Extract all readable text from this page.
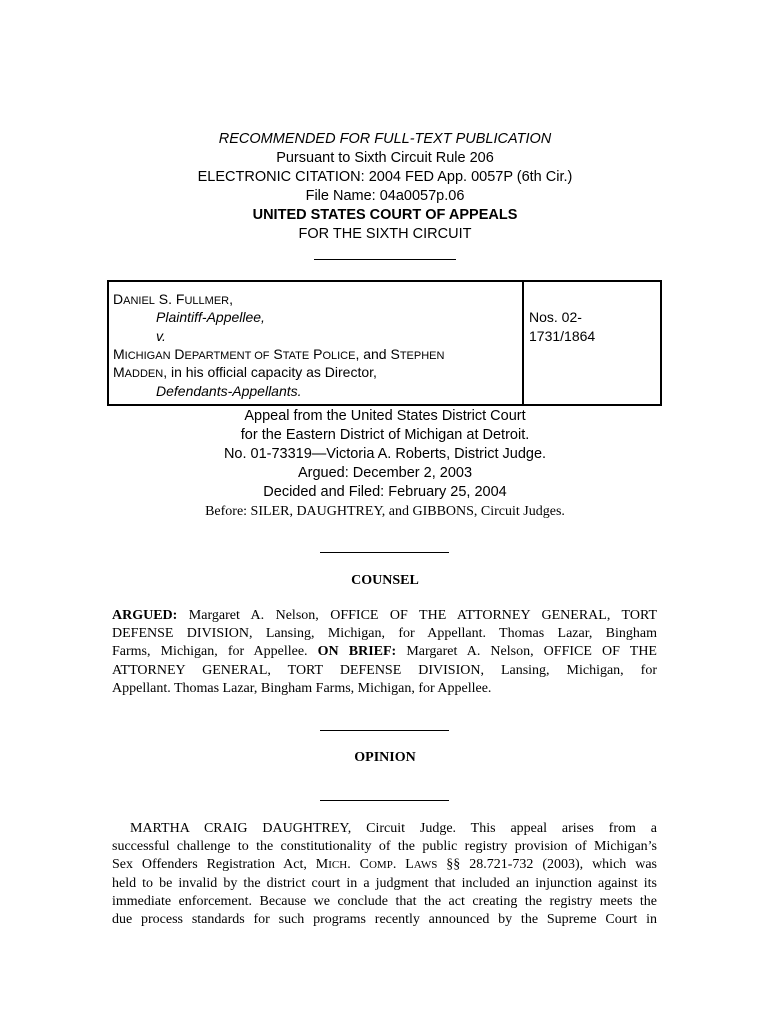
RECOMMENDED FOR FULL-TEXT PUBLICATION
Pursuant to Sixth Circuit Rule 206
ELECTRONIC CITATION: 2004 FED App. 0057P (6th Cir.)
File Name: 04a0057p.06
UNITED STATES COURT OF APPEALS
FOR THE SIXTH CIRCUIT
DANIEL S. FULLMER,
Plaintiff-Appellee,
v.
MICHIGAN DEPARTMENT OF STATE POLICE, and STEPHEN
MADDEN, in his official capacity as Director,
Defendants-Appellants.
Nos. 02-
1731/1864
Appeal from the United States District Court
for the Eastern District of Michigan at Detroit.
No. 01-73319—Victoria A. Roberts, District Judge.
Argued: December 2, 2003
Decided and Filed: February 25, 2004
Before: SILER, DAUGHTREY, and GIBBONS, Circuit Judges.
COUNSEL
ARGUED: Margaret A. Nelson, OFFICE OF THE ATTORNEY GENERAL, TORT
DEFENSE DIVISION, Lansing, Michigan, for Appellant. Thomas Lazar, Bingham
Farms, Michigan, for Appellee. ON BRIEF: Margaret A. Nelson, OFFICE OF THE
ATTORNEY GENERAL, TORT DEFENSE DIVISION, Lansing, Michigan, for
Appellant. Thomas Lazar, Bingham Farms, Michigan, for Appellee.
OPINION
MARTHA CRAIG DAUGHTREY, Circuit Judge. This appeal arises from a
successful challenge to the constitutionality of the public registry provision of Michigan’s
Sex Offenders Registration Act, MICH. COMP. LAWS §§ 28.721-732 (2003), which was
held to be invalid by the district court in a judgment that included an injunction against its
immediate enforcement. Because we conclude that the act creating the registry meets the
due process standards for such programs recently announced by the Supreme Court in
